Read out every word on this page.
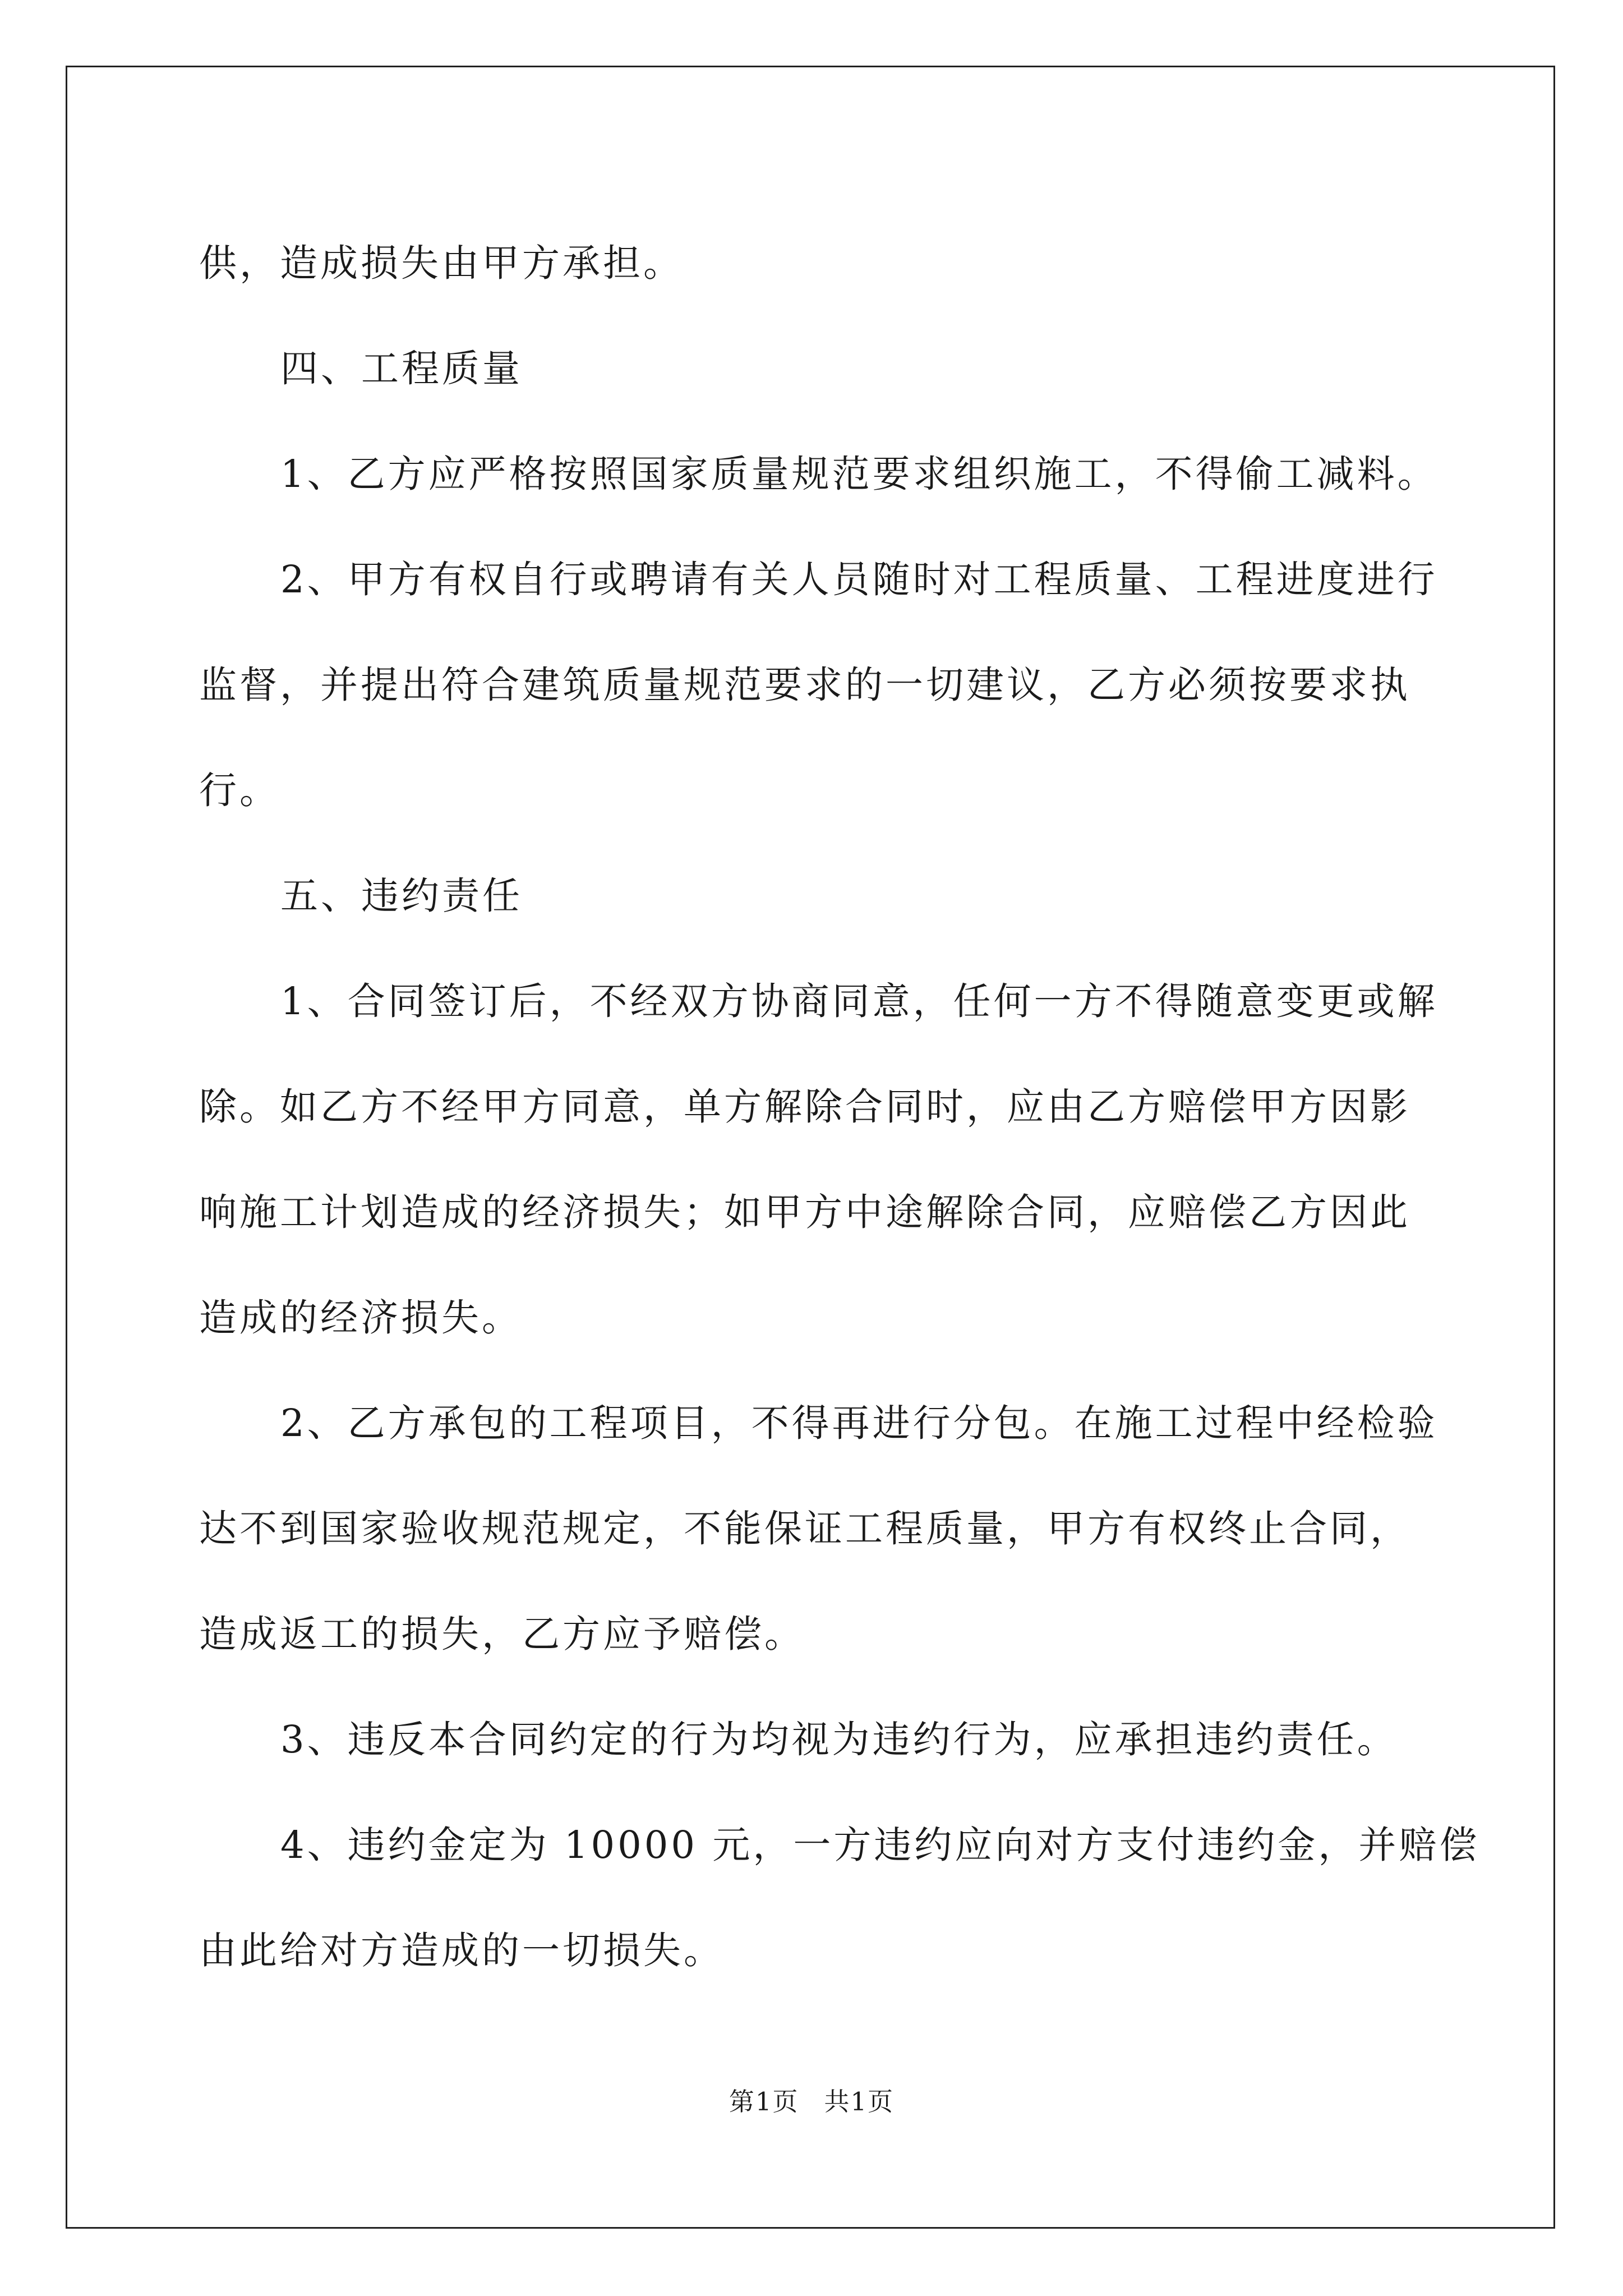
供，造成损失由甲方承担。

四、工程质量

1、乙方应严格按照国家质量规范要求组织施工，不得偷工减料。

2、甲方有权自行或聘请有关人员随时对工程质量、工程进度进行

监督，并提出符合建筑质量规范要求的一切建议，乙方必须按要求执

行。

五、违约责任

1、合同签订后，不经双方协商同意，任何一方不得随意变更或解

除。如乙方不经甲方同意，单方解除合同时，应由乙方赔偿甲方因影

响施工计划造成的经济损失；如甲方中途解除合同，应赔偿乙方因此

造成的经济损失。

2、乙方承包的工程项目，不得再进行分包。在施工过程中经检验

达不到国家验收规范规定，不能保证工程质量，甲方有权终止合同，

造成返工的损失，乙方应予赔偿。

3、违反本合同约定的行为均视为违约行为，应承担违约责任。

4、违约金定为 10000 元，一方违约应向对方支付违约金，并赔偿

由此给对方造成的一切损失。

第1页 共1页
